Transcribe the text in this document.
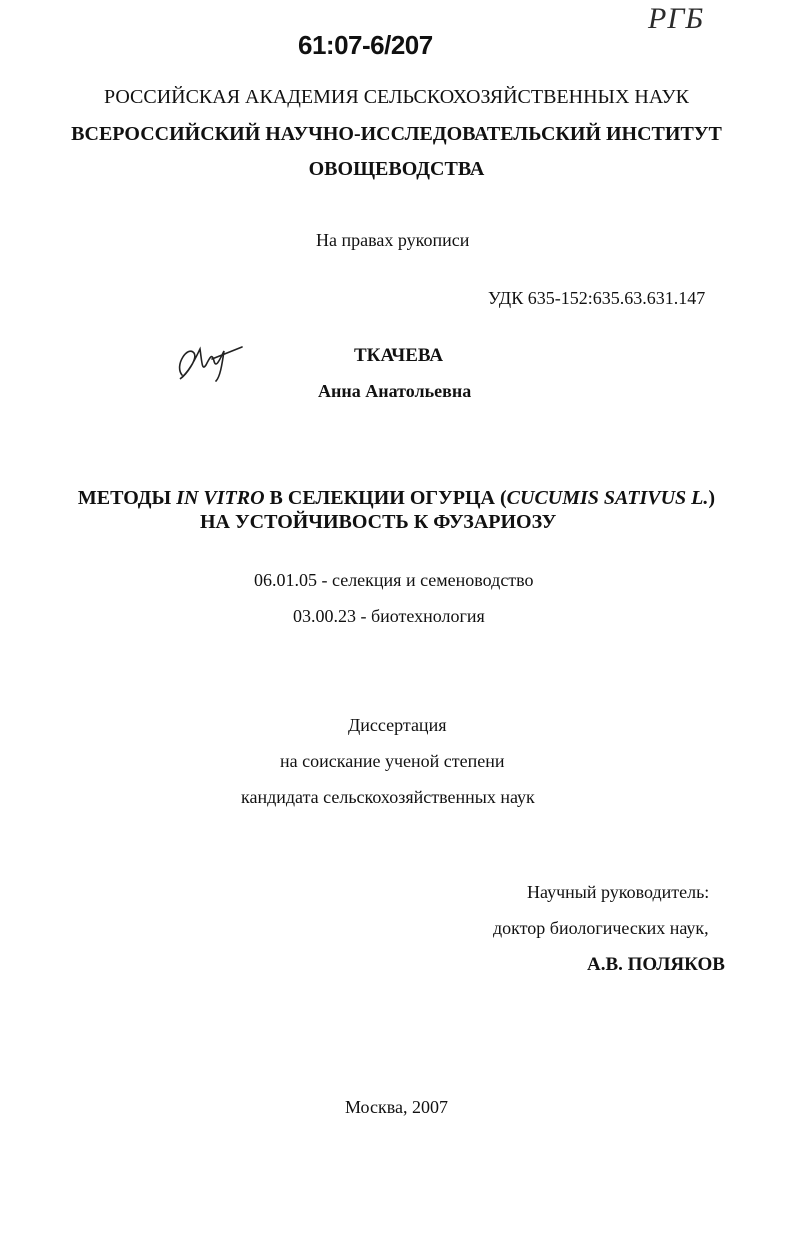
61:07-6/207
РГБ
РОССИЙСКАЯ АКАДЕМИЯ СЕЛЬСКОХОЗЯЙСТВЕННЫХ НАУК
ВСЕРОССИЙСКИЙ НАУЧНО-ИССЛЕДОВАТЕЛЬСКИЙ ИНСТИТУТ
ОВОЩЕВОДСТВА
На правах рукописи
УДК 635-152:635.63.631.147
ТКАЧЕВА
Анна Анатольевна
МЕТОДЫ IN VITRO В СЕЛЕКЦИИ ОГУРЦА (CUCUMIS SATIVUS L.)
НА УСТОЙЧИВОСТЬ К ФУЗАРИОЗУ
06.01.05 - селекция и семеноводство
03.00.23 - биотехнология
Диссертация
на соискание ученой степени
кандидата сельскохозяйственных наук
Научный руководитель:
доктор биологических наук,
А.В. ПОЛЯКОВ
Москва, 2007
